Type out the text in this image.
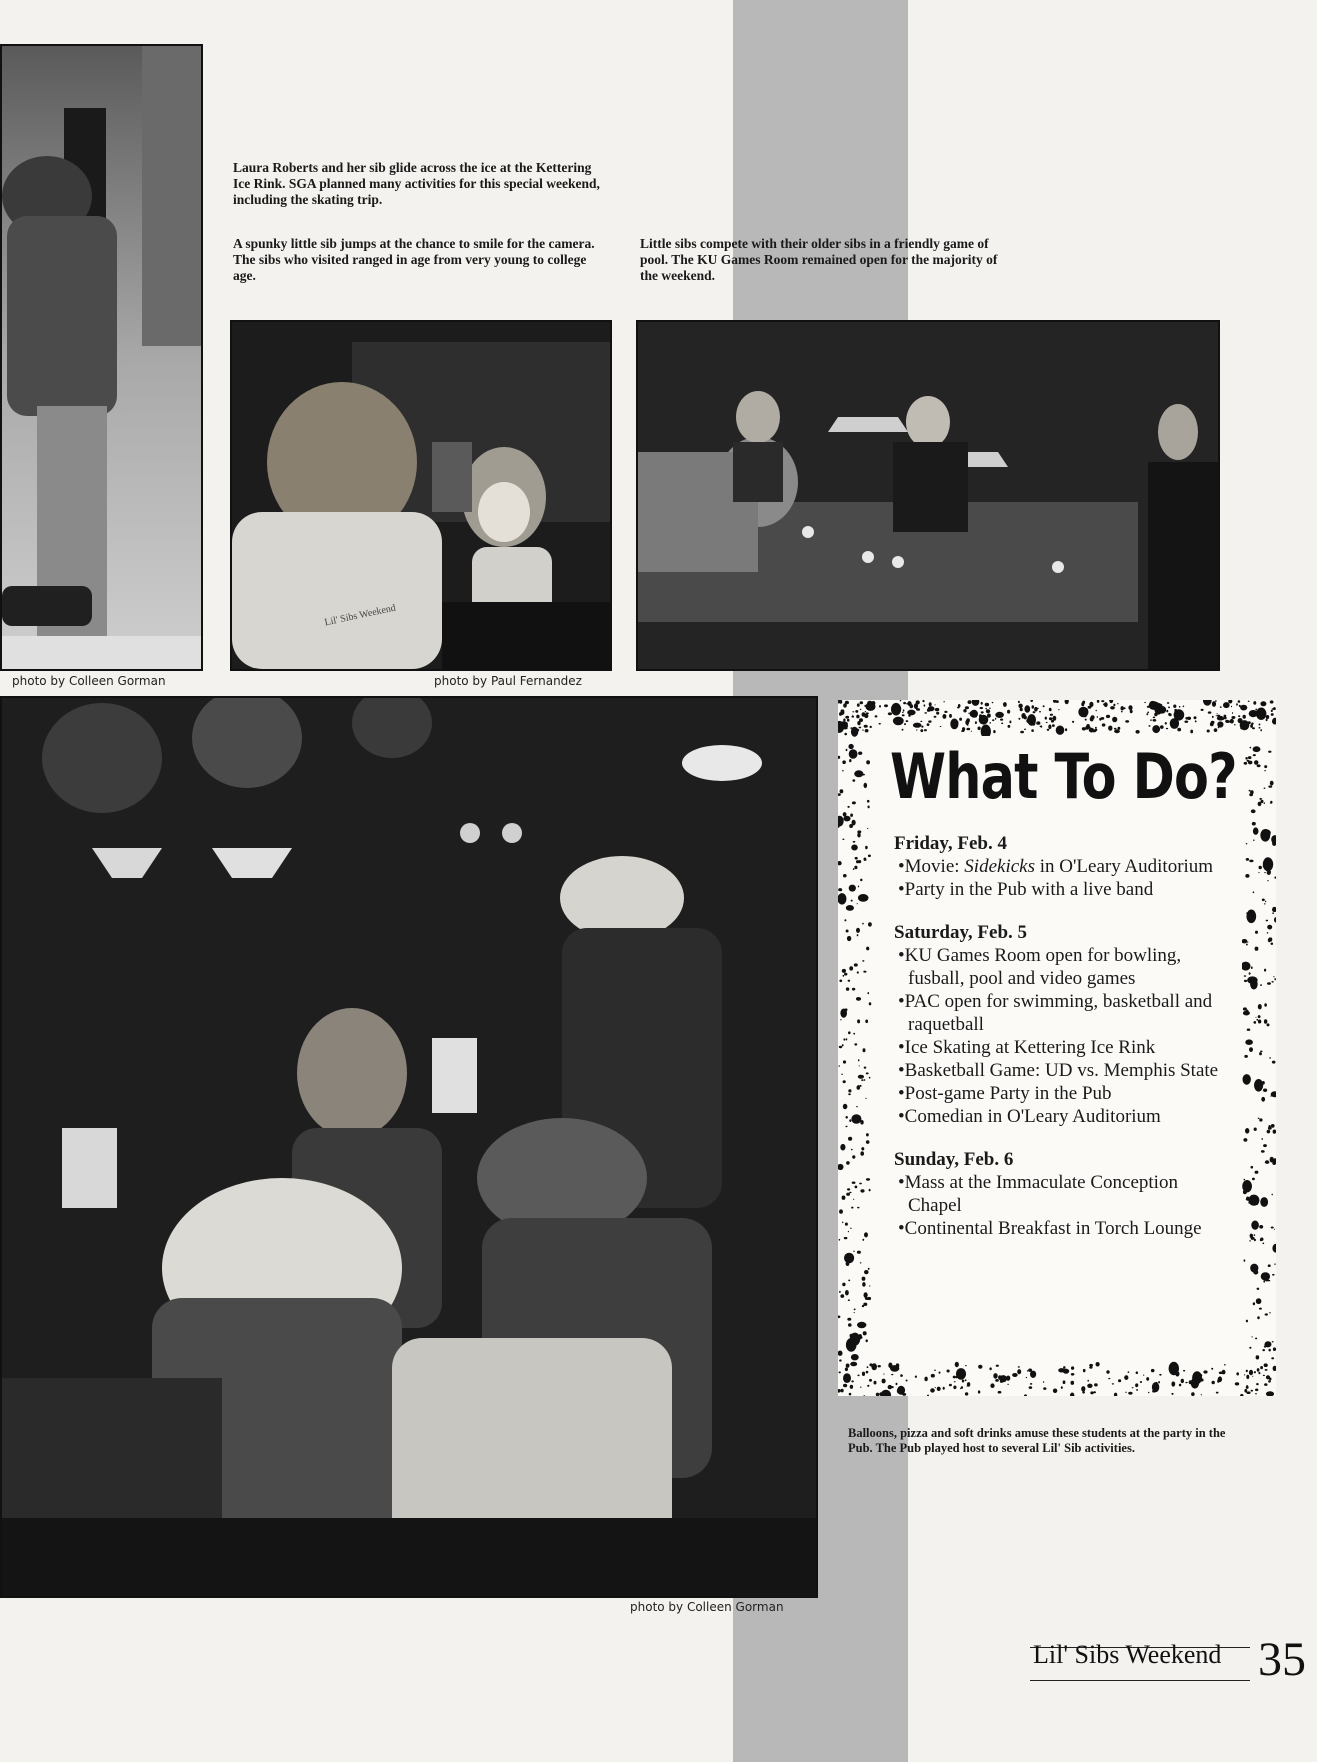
photo by Colleen Gorman
Laura Roberts and her sib glide across the ice at the Kettering Ice Rink. SGA planned many activities for this special weekend, including the skating trip.
A spunky little sib jumps at the chance to smile for the camera. The sibs who visited ranged in age from very young to college age.
Little sibs compete with their older sibs in a friendly game of pool. The KU Games Room remained open for the majority of the weekend.
Lil' Sibs Weekend
photo by Paul Fernandez
photo by Colleen Gorman
Balloons, pizza and soft drinks amuse these students at the party in the Pub. The Pub played host to several Lil' Sib activities.
What To Do?
Friday, Feb. 4
•Movie: Sidekicks in O'Leary Auditorium
•Party in the Pub with a live band
Saturday, Feb. 5
•KU Games Room open for bowling, fusball, pool and video games
•PAC open for swimming, basketball and raquetball
•Ice Skating at Kettering Ice Rink
•Basketball Game: UD vs. Memphis State
•Post-game Party in the Pub
•Comedian in O'Leary Auditorium
Sunday, Feb. 6
•Mass at the Immaculate Conception Chapel
•Continental Breakfast in Torch Lounge
Lil' Sibs Weekend 35
